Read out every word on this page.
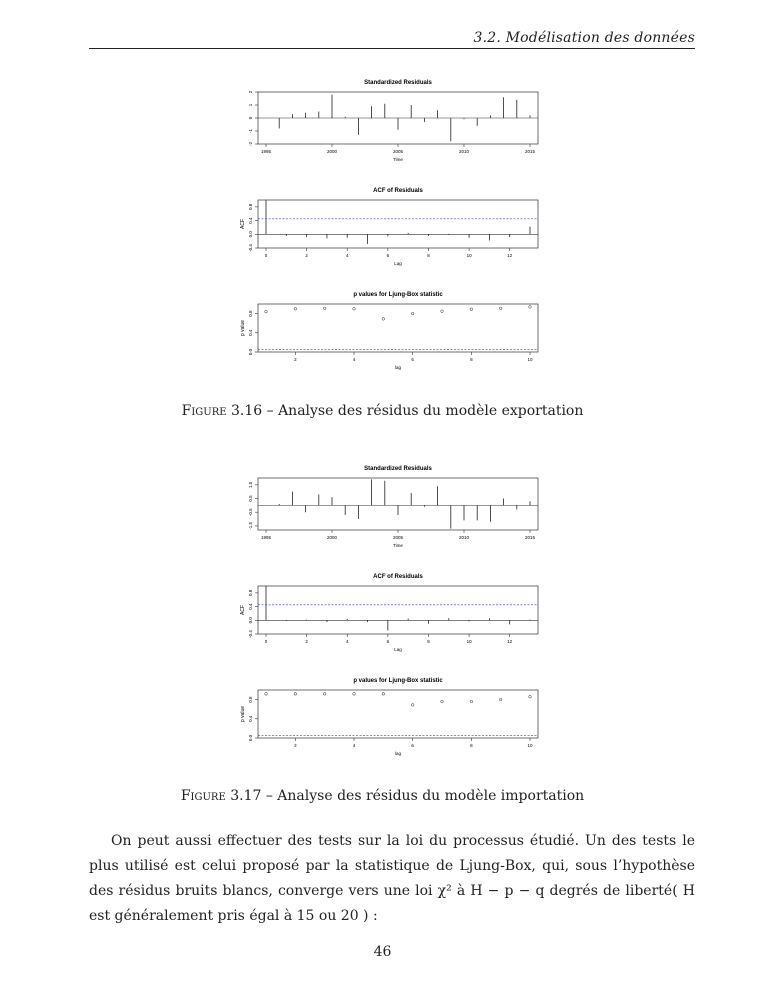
3.2. Modélisation des données
Standardized Residuals
-2
-1
0
1
2
1995	2000	2005	2010	2015
Time
ACF of Residuals
-0.4
0.0
0.4
0.8
ACF
0	2	4	6	8	10	12
Lag
p values for Ljung-Box statistic
0.0
0.4
0.8
p value
2	4	6	8	10
lag
Figure 3.16 – Analyse des résidus du modèle exportation
Standardized Residuals
-1.5
-0.5
0.5
1.5
1995	2000	2005	2010	2015
Time
ACF of Residuals
-0.4
0.0
0.4
0.8
ACF
0	2	4	6	8	10	12
Lag
p values for Ljung-Box statistic
0.0
0.4
0.8
p value
2	4	6	8	10
lag
Figure 3.17 – Analyse des résidus du modèle importation

On peut aussi effectuer des tests sur la loi du processus étudié. Un des tests le plus utilisé est celui proposé par la statistique de Ljung-Box, qui, sous l’hypothèse des résidus bruits blancs, converge vers une loi χ² à H − p − q degrés de liberté( H est généralement pris égal à 15 ou 20 ) :

46
